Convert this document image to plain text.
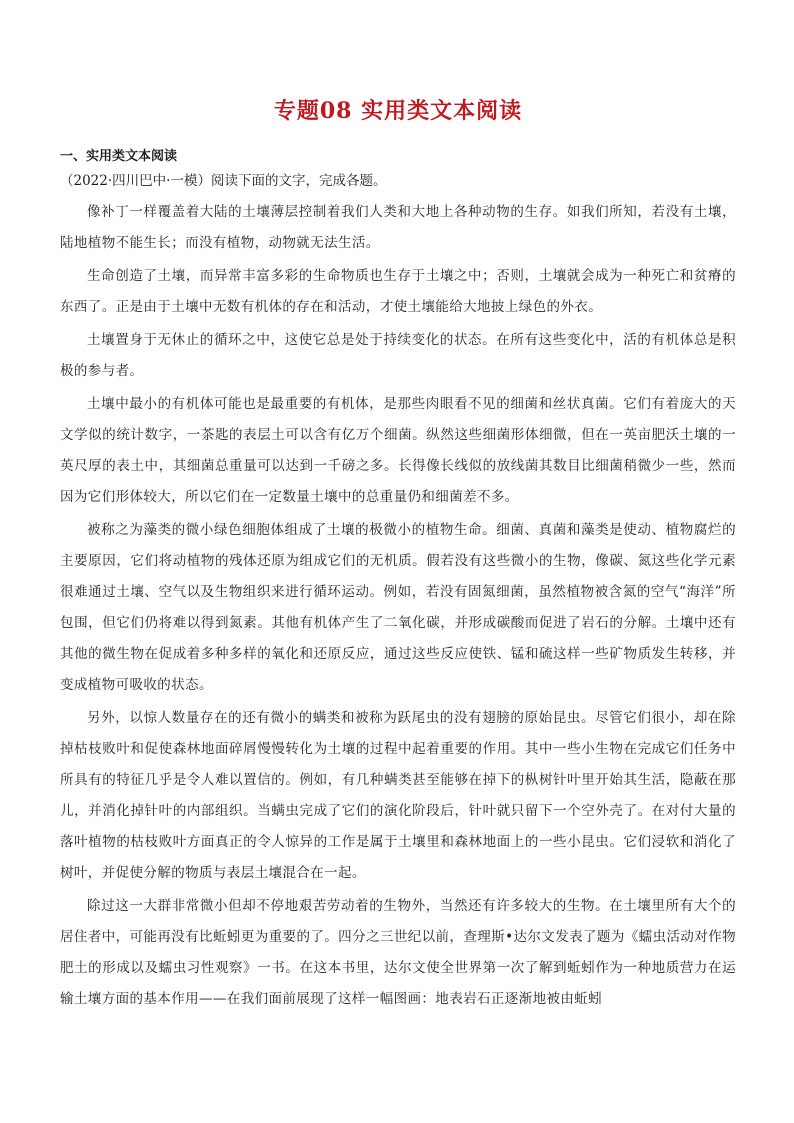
专题08 实用类文本阅读

一、实用类文本阅读

（2022·四川巴中·一模）阅读下面的文字，完成各题。

像补丁一样覆盖着大陆的土壤薄层控制着我们人类和大地上各种动物的生存。如我们所知，若没有土壤，陆地植物不能生长；而没有植物，动物就无法生活。

生命创造了土壤，而异常丰富多彩的生命物质也生存于土壤之中；否则，土壤就会成为一种死亡和贫瘠的东西了。正是由于土壤中无数有机体的存在和活动，才使土壤能给大地披上绿色的外衣。

土壤置身于无休止的循环之中，这使它总是处于持续变化的状态。在所有这些变化中，活的有机体总是积极的参与者。

土壤中最小的有机体可能也是最重要的有机体，是那些肉眼看不见的细菌和丝状真菌。它们有着庞大的天文学似的统计数字，一茶匙的表层土可以含有亿万个细菌。纵然这些细菌形体细微，但在一英亩肥沃土壤的一英尺厚的表土中，其细菌总重量可以达到一千磅之多。长得像长线似的放线菌其数目比细菌稍微少一些，然而因为它们形体较大，所以它们在一定数量土壤中的总重量仍和细菌差不多。

被称之为藻类的微小绿色细胞体组成了土壤的极微小的植物生命。细菌、真菌和藻类是使动、植物腐烂的主要原因，它们将动植物的残体还原为组成它们的无机质。假若没有这些微小的生物，像碳、氮这些化学元素很难通过土壤、空气以及生物组织来进行循环运动。例如，若没有固氮细菌，虽然植物被含氮的空气“海洋”所包围，但它们仍将难以得到氮素。其他有机体产生了二氧化碳，并形成碳酸而促进了岩石的分解。土壤中还有其他的微生物在促成着多种多样的氧化和还原反应，通过这些反应使铁、锰和硫这样一些矿物质发生转移，并变成植物可吸收的状态。

另外，以惊人数量存在的还有微小的螨类和被称为跃尾虫的没有翅膀的原始昆虫。尽管它们很小，却在除掉枯枝败叶和促使森林地面碎屑慢慢转化为土壤的过程中起着重要的作用。其中一些小生物在完成它们任务中所具有的特征几乎是令人难以置信的。例如，有几种螨类甚至能够在掉下的枞树针叶里开始其生活，隐蔽在那儿，并消化掉针叶的内部组织。当螨虫完成了它们的演化阶段后，针叶就只留下一个空外壳了。在对付大量的落叶植物的枯枝败叶方面真正的令人惊异的工作是属于土壤里和森林地面上的一些小昆虫。它们浸软和消化了树叶，并促使分解的物质与表层土壤混合在一起。

除过这一大群非常微小但却不停地艰苦劳动着的生物外，当然还有许多较大的生物。在土壤里所有大个的居住者中，可能再没有比蚯蚓更为重要的了。四分之三世纪以前，查理斯•达尔文发表了题为《蠕虫活动对作物肥土的形成以及蠕虫习性观察》一书。在这本书里，达尔文使全世界第一次了解到蚯蚓作为一种地质营力在运输土壤方面的基本作用——在我们面前展现了这样一幅图画：地表岩石正逐渐地被由蚯蚓
